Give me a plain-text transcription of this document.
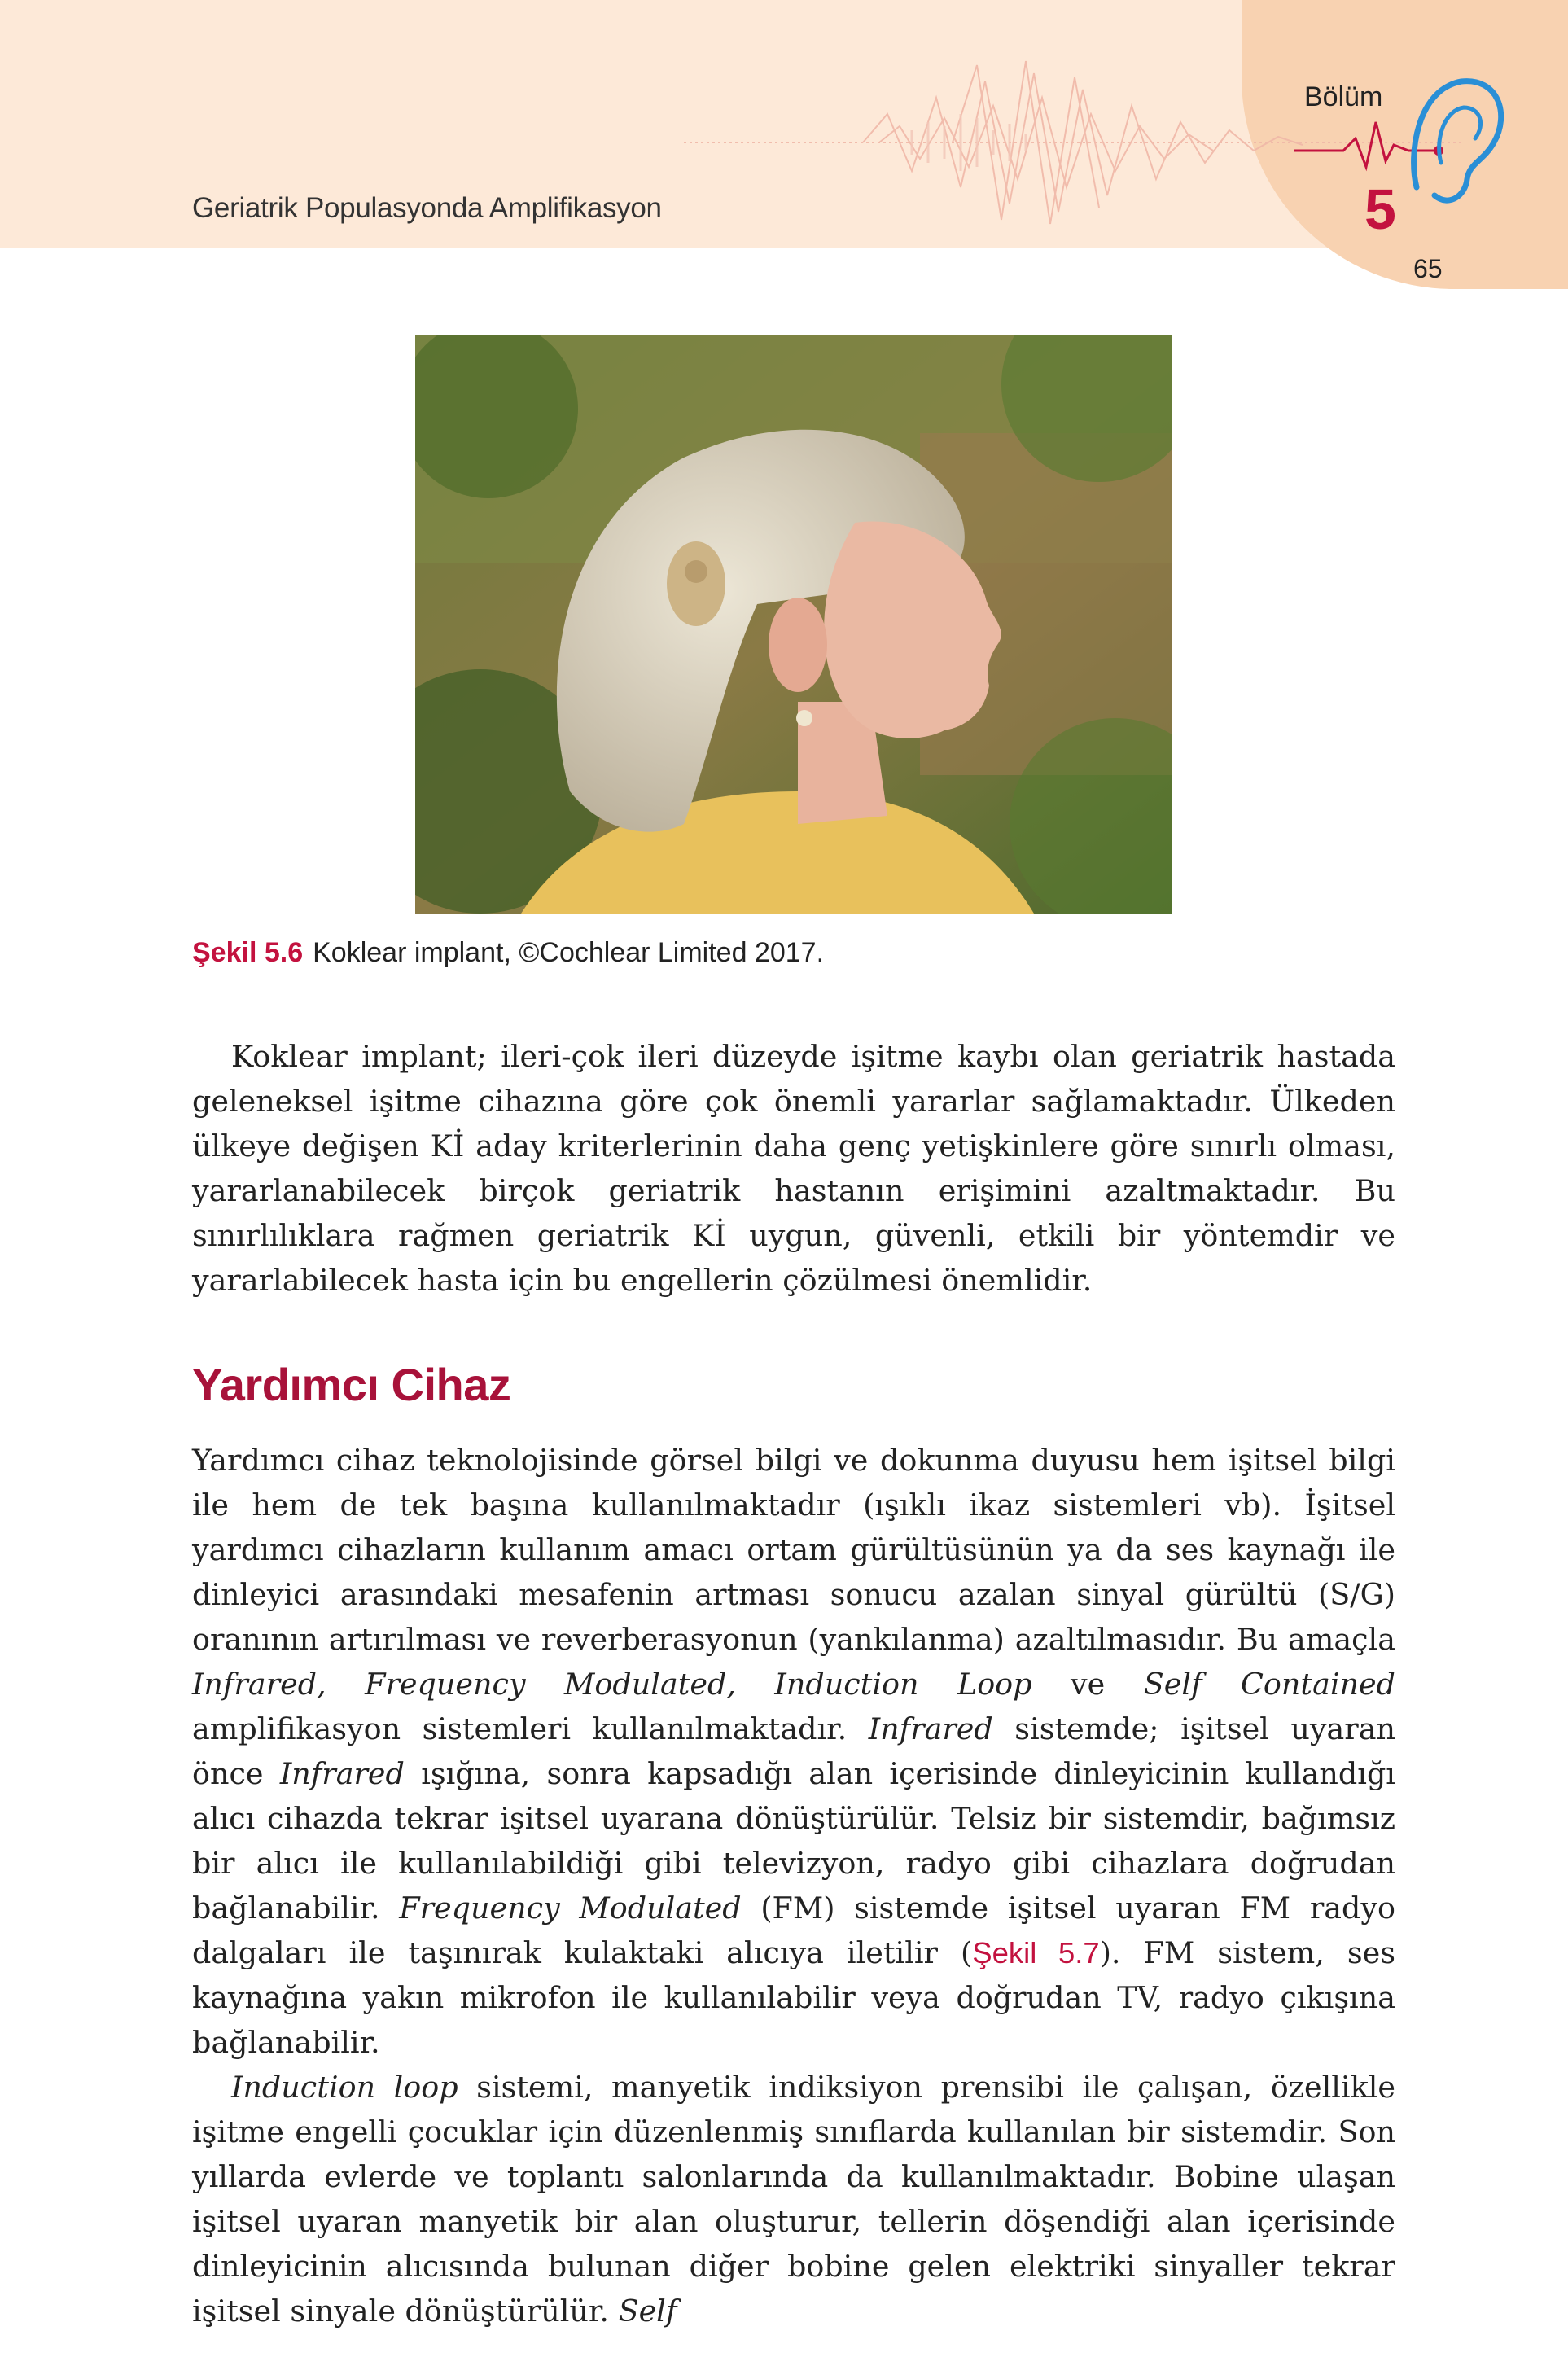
Geriatrik Populasyonda Amplifikasyon
Bölüm
5
65
Şekil 5.6 Koklear implant, ©Cochlear Limited 2017.

Koklear implant; ileri-çok ileri düzeyde işitme kaybı olan geriatrik hastada geleneksel işitme cihazına göre çok önemli yararlar sağlamaktadır. Ülkeden ülkeye değişen Kİ aday kriterlerinin daha genç yetişkinlere göre sınırlı olması, yararlanabilecek birçok geriatrik hastanın erişimini azaltmaktadır. Bu sınırlılıklara rağmen geriatrik Kİ uygun, güvenli, etkili bir yöntemdir ve yararlabilecek hasta için bu engellerin çözülmesi önemlidir.

Yardımcı Cihaz

Yardımcı cihaz teknolojisinde görsel bilgi ve dokunma duyusu hem işitsel bilgi ile hem de tek başına kullanılmaktadır (ışıklı ikaz sistemleri vb). İşitsel yardımcı cihazların kullanım amacı ortam gürültüsünün ya da ses kaynağı ile dinleyici arasındaki mesafenin artması sonucu azalan sinyal gürültü (S/G) oranının artırılması ve reverberasyonun (yankılanma) azaltılmasıdır. Bu amaçla Infrared, Frequency Modulated, Induction Loop ve Self Contained amplifikasyon sistemleri kullanılmaktadır. Infrared sistemde; işitsel uyaran önce Infrared ışığına, sonra kapsadığı alan içerisinde dinleyicinin kullandığı alıcı cihazda tekrar işitsel uyarana dönüştürülür. Telsiz bir sistemdir, bağımsız bir alıcı ile kullanılabildiği gibi televizyon, radyo gibi cihazlara doğrudan bağlanabilir. Frequency Modulated (FM) sistemde işitsel uyaran FM radyo dalgaları ile taşınırak kulaktaki alıcıya iletilir (Şekil 5.7). FM sistem, ses kaynağına yakın mikrofon ile kullanılabilir veya doğrudan TV, radyo çıkışına bağlanabilir.

Induction loop sistemi, manyetik indiksiyon prensibi ile çalışan, özellikle işitme engelli çocuklar için düzenlenmiş sınıflarda kullanılan bir sistemdir. Son yıllarda evlerde ve toplantı salonlarında da kullanılmaktadır. Bobine ulaşan işitsel uyaran manyetik bir alan oluşturur, tellerin döşendiği alan içerisinde dinleyicinin alıcısında bulunan diğer bobine gelen elektriki sinyaller tekrar işitsel sinyale dönüştürülür. Self
